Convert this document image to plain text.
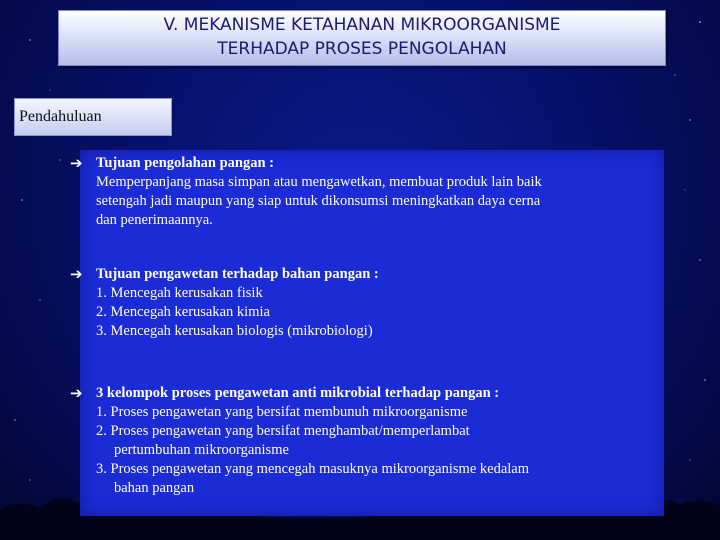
V. MEKANISME KETAHANAN MIKROORGANISME
TERHADAP PROSES PENGOLAHAN
Pendahuluan
➔ Tujuan pengolahan pangan :
Memperpanjang masa simpan atau mengawetkan, membuat produk lain baik
setengah jadi maupun yang siap untuk dikonsumsi meningkatkan daya cerna
dan penerimaannya.
➔ Tujuan pengawetan terhadap bahan pangan :
1. Mencegah kerusakan fisik
2. Mencegah kerusakan kimia
3. Mencegah kerusakan biologis (mikrobiologi)
➔ 3 kelompok proses pengawetan anti mikrobial terhadap pangan :
1. Proses pengawetan yang bersifat membunuh mikroorganisme
2. Proses pengawetan yang bersifat menghambat/memperlambat
pertumbuhan mikroorganisme
3. Proses pengawetan yang mencegah masuknya mikroorganisme kedalam
bahan pangan
